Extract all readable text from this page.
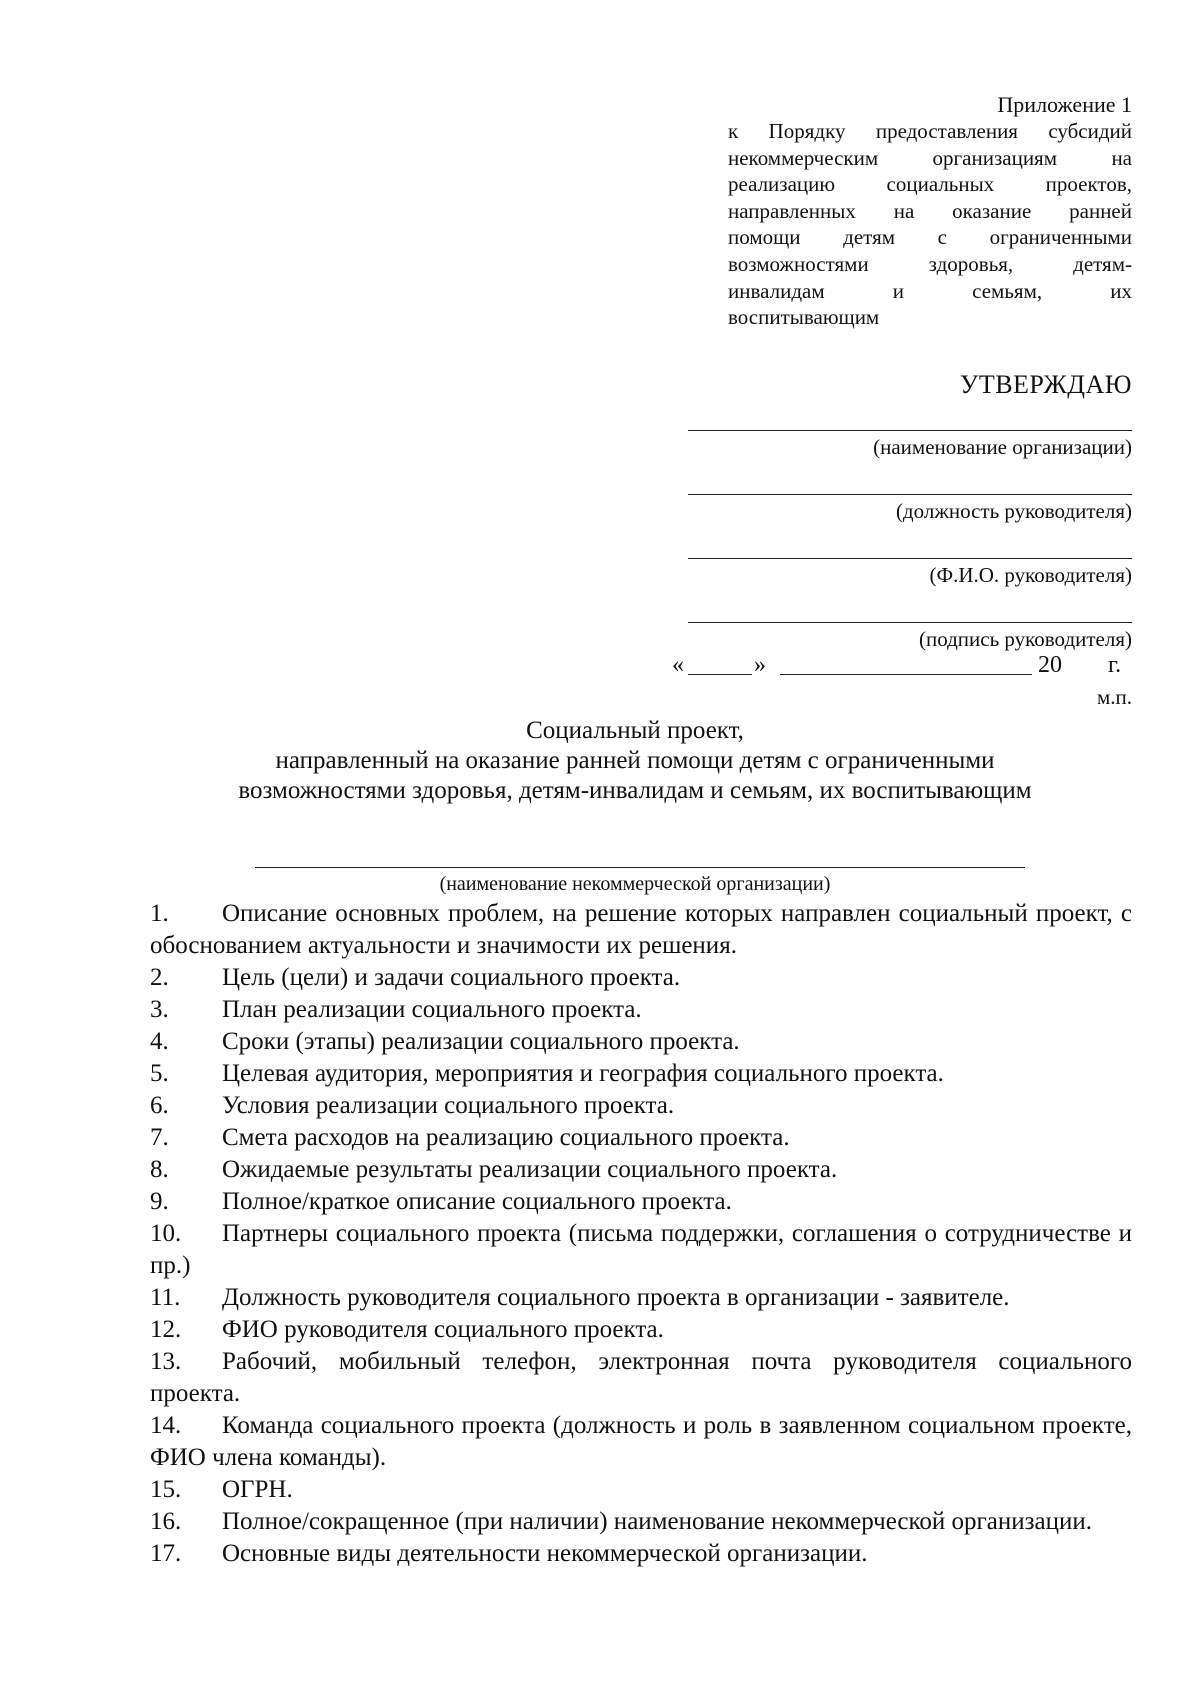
Приложение 1
к Порядку предоставления субсидий
некоммерческим организациям на
реализацию социальных проектов,
направленных на оказание ранней
помощи детям с ограниченными
возможностями здоровья, детям-
инвалидам и семьям, их
воспитывающим
УТВЕРЖДАЮ
(наименование организации)
(должность руководителя)
(Ф.И.О. руководителя)
(подпись руководителя)
«	»	20 г.
м.п.
Социальный проект,
направленный на оказание ранней помощи детям с ограниченными
возможностями здоровья, детям-инвалидам и семьям, их воспитывающим
(наименование некоммерческой организации)
1. Описание основных проблем, на решение которых направлен социальный проект, с обоснованием актуальности и значимости их решения.
2. Цель (цели) и задачи социального проекта.
3. План реализации социального проекта.
4. Сроки (этапы) реализации социального проекта.
5. Целевая аудитория, мероприятия и география социального проекта.
6. Условия реализации социального проекта.
7. Смета расходов на реализацию социального проекта.
8. Ожидаемые результаты реализации социального проекта.
9. Полное/краткое описание социального проекта.
10. Партнеры социального проекта (письма поддержки, соглашения о сотрудничестве и пр.)
11. Должность руководителя социального проекта в организации - заявителе.
12. ФИО руководителя социального проекта.
13. Рабочий, мобильный телефон, электронная почта руководителя социального проекта.
14. Команда социального проекта (должность и роль в заявленном социальном проекте, ФИО члена команды).
15. ОГРН.
16. Полное/сокращенное (при наличии) наименование некоммерческой организации.
17. Основные виды деятельности некоммерческой организации.
